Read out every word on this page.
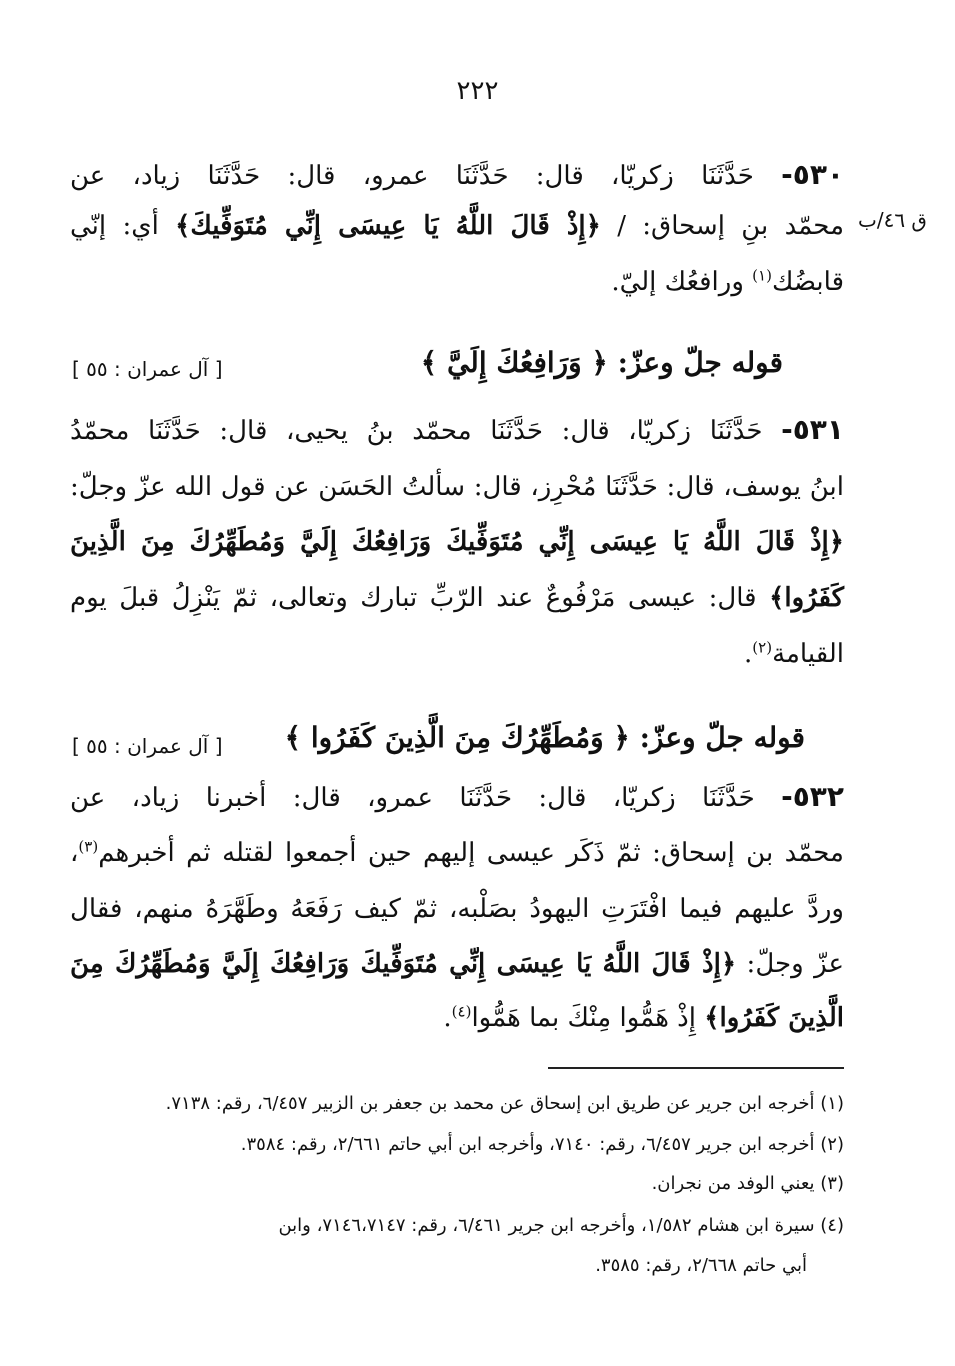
٢٢٢
ق ٤٦/ب
٥٣٠- حَدَّثَنَا زكريّا، قال: حَدَّثَنَا عمرو، قال: حَدَّثَنَا زياد، عن
محمّد بنِ إسحاق: / ﴿إِذْ قَالَ اللَّهُ يَا عِيسَى إِنِّي مُتَوَفِّيكَ﴾ أي: إنّي
قابضُك$^{(١)}$ ورافعُك إليّ.
قوله جلّ وعزّ: ﴿ وَرَافِعُكَ إِلَيَّ ﴾
[ آل عمران : ٥٥ ]
٥٣١- حَدَّثَنَا زكريّا، قال: حَدَّثَنَا محمّد بنُ يحيى، قال: حَدَّثَنَا محمّدُ
ابنُ يوسف، قال: حَدَّثَنَا مُحْرِز، قال: سألتُ الحَسَن عن قول الله عزّ وجلّ:
﴿إِذْ قَالَ اللَّهُ يَا عِيسَى إِنِّي مُتَوَفِّيكَ وَرَافِعُكَ إِلَيَّ وَمُطَهِّرُكَ مِنَ الَّذِينَ
كَفَرُوا﴾ قال: عيسى مَرْفُوعٌ عند الرّبِّ تبارك وتعالى، ثمّ يَنْزِلُ قبلَ يوم
القيامة$^{(٢)}$.
قوله جلّ وعزّ: ﴿ وَمُطَهِّرُكَ مِنَ الَّذِينَ كَفَرُوا ﴾
[ آل عمران : ٥٥ ]
٥٣٢- حَدَّثَنَا زكريّا، قال: حَدَّثَنَا عمرو، قال: أخبرنا زياد، عن
محمّد بن إسحاق: ثمّ ذَكَر عيسى إليهم حين أجمعوا لقتله ثم أخبرهم$^{(٣)}$،
وردَّ عليهم فيما افْتَرَتِ اليهودُ بصَلْبه، ثمّ كيف رَفَعَهُ وطَهَّرَهُ منهم، فقال
عزّ وجلّ: ﴿إِذْ قَالَ اللَّهُ يَا عِيسَى إِنِّي مُتَوَفِّيكَ وَرَافِعُكَ إِلَيَّ وَمُطَهِّرُكَ مِنَ
الَّذِينَ كَفَرُوا﴾ إِذْ هَمُّوا مِنْكَ بما هَمُّوا$^{(٤)}$.
(١) أخرجه ابن جرير عن طريق ابن إسحاق عن محمد بن جعفر بن الزبير ٦/٤٥٧، رقم: ٧١٣٨.
(٢) أخرجه ابن جرير ٦/٤٥٧، رقم: ٧١٤٠، وأخرجه ابن أبي حاتم ٢/٦٦١، رقم: ٣٥٨٤.
(٣) يعني الوفد من نجران.
(٤) سيرة ابن هشام ١/٥٨٢، وأخرجه ابن جرير ٦/٤٦١، رقم: ٧١٤٦،٧١٤٧، وابن
أبي حاتم ٢/٦٦٨، رقم: ٣٥٨٥.
